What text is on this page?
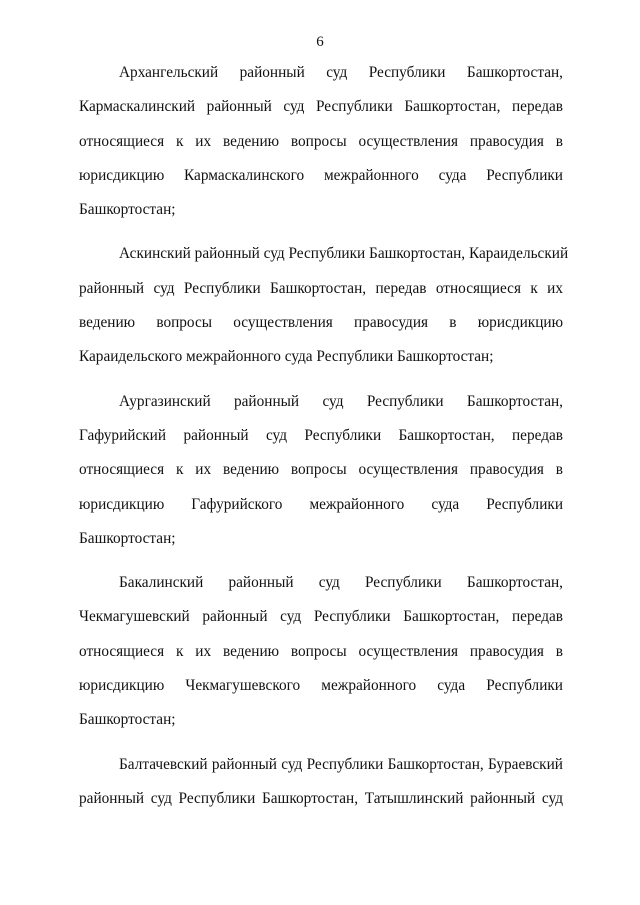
6
Архангельский районный суд Республики Башкортостан,
Кармаскалинский районный суд Республики Башкортостан, передав
относящиеся к их ведению вопросы осуществления правосудия в
юрисдикцию Кармаскалинского межрайонного суда Республики
Башкортостан;
Аскинский районный суд Республики Башкортостан, Караидельский
районный суд Республики Башкортостан, передав относящиеся к их
ведению вопросы осуществления правосудия в юрисдикцию
Караидельского межрайонного суда Республики Башкортостан;
Аургазинский районный суд Республики Башкортостан,
Гафурийский районный суд Республики Башкортостан, передав
относящиеся к их ведению вопросы осуществления правосудия в
юрисдикцию Гафурийского межрайонного суда Республики
Башкортостан;
Бакалинский районный суд Республики Башкортостан,
Чекмагушевский районный суд Республики Башкортостан, передав
относящиеся к их ведению вопросы осуществления правосудия в
юрисдикцию Чекмагушевского межрайонного суда Республики
Башкортостан;
Балтачевский районный суд Республики Башкортостан, Бураевский
районный суд Республики Башкортостан, Татышлинский районный суд
